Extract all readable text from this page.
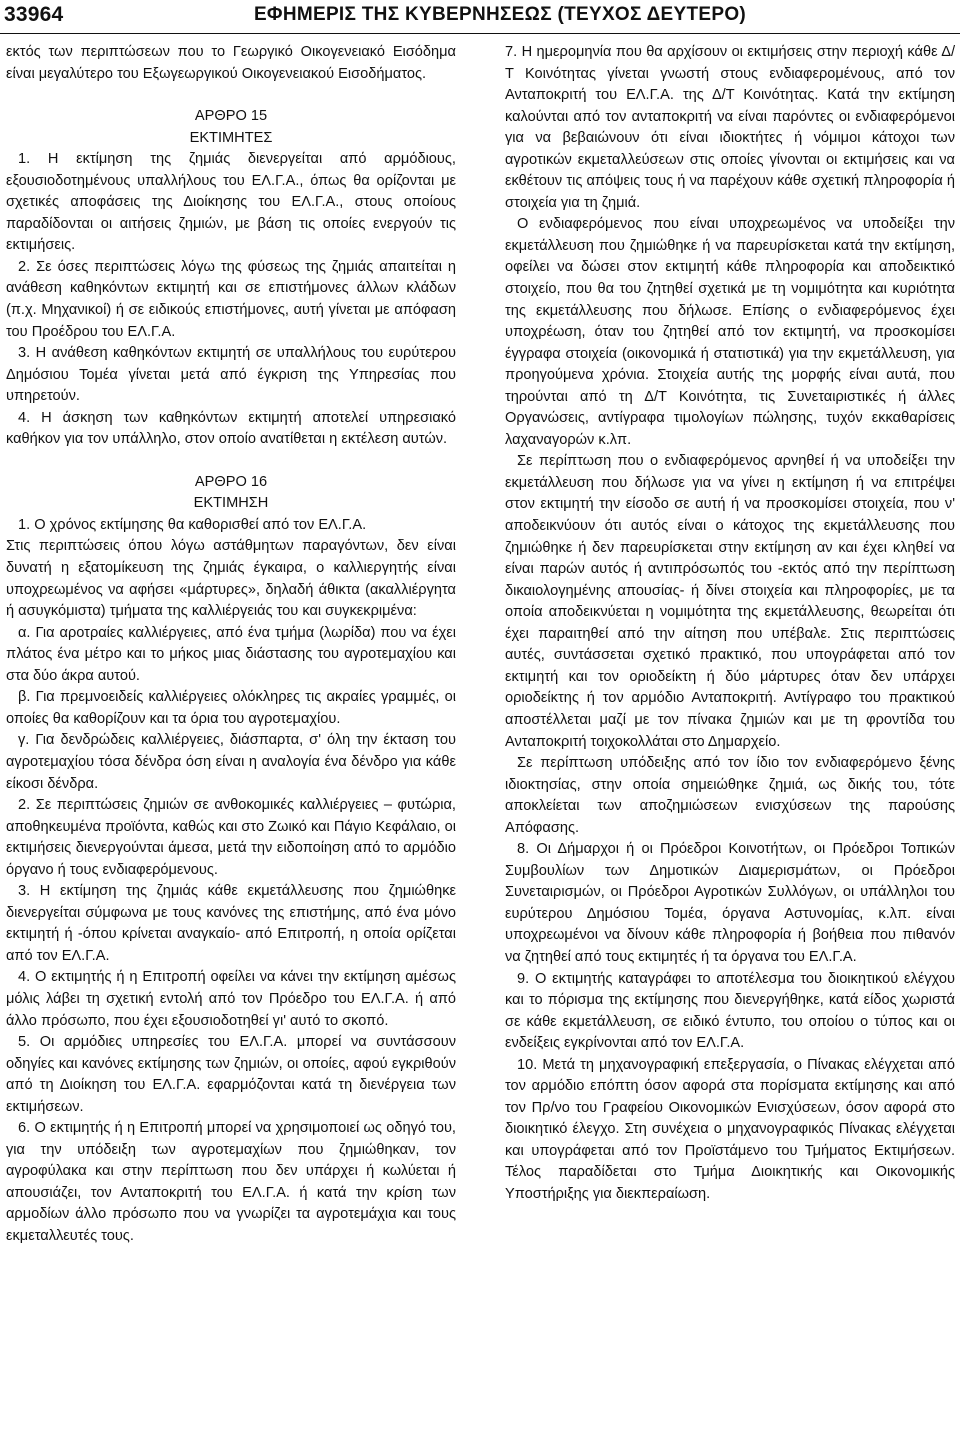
33964	ΕΦΗΜΕΡΙΣ ΤΗΣ ΚΥΒΕΡΝΗΣΕΩΣ (ΤΕΥΧΟΣ ΔΕΥΤΕΡΟ)

εκτός των περιπτώσεων που το Γεωργικό Οικογενειακό Εισόδημα είναι μεγαλύτερο του Εξωγεωργικού Οικογενειακού Εισοδήματος.

ΑΡΘΡΟ 15

ΕΚΤΙΜΗΤΕΣ

1. Η εκτίμηση της ζημιάς διενεργείται από αρμόδιους, εξουσιοδοτημένους υπαλλήλους του ΕΛ.Γ.Α., όπως θα ορίζονται με σχετικές αποφάσεις της Διοίκησης του ΕΛ.Γ.Α., στους οποίους παραδίδονται οι αιτήσεις ζημιών, με βάση τις οποίες ενεργούν τις εκτιμήσεις.

2. Σε όσες περιπτώσεις λόγω της φύσεως της ζημιάς απαιτείται η ανάθεση καθηκόντων εκτιμητή και σε επιστήμονες άλλων κλάδων (π.χ. Μηχανικοί) ή σε ειδικούς επιστήμονες, αυτή γίνεται με απόφαση του Προέδρου του ΕΛ.Γ.Α.

3. Η ανάθεση καθηκόντων εκτιμητή σε υπαλλήλους του ευρύτερου Δημόσιου Τομέα γίνεται μετά από έγκριση της Υπηρεσίας που υπηρετούν.

4. Η άσκηση των καθηκόντων εκτιμητή αποτελεί υπηρεσιακό καθήκον για τον υπάλληλο, στον οποίο ανατίθεται η εκτέλεση αυτών.

ΑΡΘΡΟ 16

ΕΚΤΙΜΗΣΗ

1. Ο χρόνος εκτίμησης θα καθορισθεί από τον ΕΛ.Γ.Α.

Στις περιπτώσεις όπου λόγω αστάθμητων παραγόντων, δεν είναι δυνατή η εξατομίκευση της ζημιάς έγκαιρα, ο καλλιεργητής είναι υποχρεωμένος να αφήσει «μάρτυρες», δηλαδή άθικτα (ακαλλιέργητα ή ασυγκόμιστα) τμήματα της καλλιέργειάς του και συγκεκριμένα:

α. Για αροτραίες καλλιέργειες, από ένα τμήμα (λωρίδα) που να έχει πλάτος ένα μέτρο και το μήκος μιας διάστασης του αγροτεμαχίου και στα δύο άκρα αυτού.

β. Για πρεμνοειδείς καλλιέργειες ολόκληρες τις ακραίες γραμμές, οι οποίες θα καθορίζουν και τα όρια του αγροτεμαχίου.

γ. Για δενδρώδεις καλλιέργειες, διάσπαρτα, σ' όλη την έκταση του αγροτεμαχίου τόσα δένδρα όση είναι η αναλογία ένα δένδρο για κάθε είκοσι δένδρα.

2. Σε περιπτώσεις ζημιών σε ανθοκομικές καλλιέργειες – φυτώρια, αποθηκευμένα προϊόντα, καθώς και στο Ζωικό και Πάγιο Κεφάλαιο, οι εκτιμήσεις διενεργούνται άμεσα, μετά την ειδοποίηση από το αρμόδιο όργανο ή τους ενδιαφερόμενους.

3. Η εκτίμηση της ζημιάς κάθε εκμετάλλευσης που ζημιώθηκε διενεργείται σύμφωνα με τους κανόνες της επιστήμης, από ένα μόνο εκτιμητή ή -όπου κρίνεται αναγκαίο- από Επιτροπή, η οποία ορίζεται από τον ΕΛ.Γ.Α.

4. Ο εκτιμητής ή η Επιτροπή οφείλει να κάνει την εκτίμηση αμέσως μόλις λάβει τη σχετική εντολή από τον Πρόεδρο του ΕΛ.Γ.Α. ή από άλλο πρόσωπο, που έχει εξουσιοδοτηθεί γι' αυτό το σκοπό.

5. Οι αρμόδιες υπηρεσίες του ΕΛ.Γ.Α. μπορεί να συντάσσουν οδηγίες και κανόνες εκτίμησης των ζημιών, οι οποίες, αφού εγκριθούν από τη Διοίκηση του ΕΛ.Γ.Α. εφαρμόζονται κατά τη διενέργεια των εκτιμήσεων.

6. Ο εκτιμητής ή η Επιτροπή μπορεί να χρησιμοποιεί ως οδηγό του, για την υπόδειξη των αγροτεμαχίων που ζημιώθηκαν, τον αγροφύλακα και στην περίπτωση που δεν υπάρχει ή κωλύεται ή απουσιάζει, τον Ανταποκριτή του ΕΛ.Γ.Α. ή κατά την κρίση των αρμοδίων άλλο πρόσωπο που να γνωρίζει τα αγροτεμάχια και τους εκμεταλλευτές τους.

7. Η ημερομηνία που θα αρχίσουν οι εκτιμήσεις στην περιοχή κάθε Δ/Τ Κοινότητας γίνεται γνωστή στους ενδιαφερομένους, από τον Ανταποκριτή του ΕΛ.Γ.Α. της Δ/Τ Κοινότητας. Κατά την εκτίμηση καλούνται από τον ανταποκριτή να είναι παρόντες οι ενδιαφερόμενοι για να βεβαιώνουν ότι είναι ιδιοκτήτες ή νόμιμοι κάτοχοι των αγροτικών εκμεταλλεύσεων στις οποίες γίνονται οι εκτιμήσεις και να εκθέτουν τις απόψεις τους ή να παρέχουν κάθε σχετική πληροφορία ή στοιχεία για τη ζημιά.

Ο ενδιαφερόμενος που είναι υποχρεωμένος να υποδείξει την εκμετάλλευση που ζημιώθηκε ή να παρευρίσκεται κατά την εκτίμηση, οφείλει να δώσει στον εκτιμητή κάθε πληροφορία και αποδεικτικό στοιχείο, που θα του ζητηθεί σχετικά με τη νομιμότητα και κυριότητα της εκμετάλλευσης που δήλωσε. Επίσης ο ενδιαφερόμενος έχει υποχρέωση, όταν του ζητηθεί από τον εκτιμητή, να προσκομίσει έγγραφα στοιχεία (οικονομικά ή στατιστικά) για την εκμετάλλευση, για προηγούμενα χρόνια. Στοιχεία αυτής της μορφής είναι αυτά, που τηρούνται από τη Δ/Τ Κοινότητα, τις Συνεταιριστικές ή άλλες Οργανώσεις, αντίγραφα τιμολογίων πώλησης, τυχόν εκκαθαρίσεις λαχαναγορών κ.λπ.

Σε περίπτωση που ο ενδιαφερόμενος αρνηθεί ή να υποδείξει την εκμετάλλευση που δήλωσε για να γίνει η εκτίμηση ή να επιτρέψει στον εκτιμητή την είσοδο σε αυτή ή να προσκομίσει στοιχεία, που ν' αποδεικνύουν ότι αυτός είναι ο κάτοχος της εκμετάλλευσης που ζημιώθηκε ή δεν παρευρίσκεται στην εκτίμηση αν και έχει κληθεί να είναι παρών αυτός ή αντιπρόσωπός του -εκτός από την περίπτωση δικαιολογημένης απουσίας- ή δίνει στοιχεία και πληροφορίες, με τα οποία αποδεικνύεται η νομιμότητα της εκμετάλλευσης, θεωρείται ότι έχει παραιτηθεί από την αίτηση που υπέβαλε. Στις περιπτώσεις αυτές, συντάσσεται σχετικό πρακτικό, που υπογράφεται από τον εκτιμητή και τον οριοδείκτη ή δύο μάρτυρες όταν δεν υπάρχει οριοδείκτης ή τον αρμόδιο Ανταποκριτή. Αντίγραφο του πρακτικού αποστέλλεται μαζί με τον πίνακα ζημιών και με τη φροντίδα του Ανταποκριτή τοιχοκολλάται στο Δημαρχείο.

Σε περίπτωση υπόδειξης από τον ίδιο τον ενδιαφερόμενο ξένης ιδιοκτησίας, στην οποία σημειώθηκε ζημιά, ως δικής του, τότε αποκλείεται των αποζημιώσεων ενισχύσεων της παρούσης Απόφασης.

8. Οι Δήμαρχοι ή οι Πρόεδροι Κοινοτήτων, οι Πρόεδροι Τοπικών Συμβουλίων των Δημοτικών Διαμερισμάτων, οι Πρόεδροι Συνεταιρισμών, οι Πρόεδροι Αγροτικών Συλλόγων, οι υπάλληλοι του ευρύτερου Δημόσιου Τομέα, όργανα Αστυνομίας, κ.λπ. είναι υποχρεωμένοι να δίνουν κάθε πληροφορία ή βοήθεια που πιθανόν να ζητηθεί από τους εκτιμητές ή τα όργανα του ΕΛ.Γ.Α.

9. Ο εκτιμητής καταγράφει το αποτέλεσμα του διοικητικού ελέγχου και το πόρισμα της εκτίμησης που διενεργήθηκε, κατά είδος χωριστά σε κάθε εκμετάλλευση, σε ειδικό έντυπο, του οποίου ο τύπος και οι ενδείξεις εγκρίνονται από τον ΕΛ.Γ.Α.

10. Μετά τη μηχανογραφική επεξεργασία, ο Πίνακας ελέγχεται από τον αρμόδιο επόπτη όσον αφορά στα πορίσματα εκτίμησης και από τον Πρ/νο του Γραφείου Οικονομικών Ενισχύσεων, όσον αφορά στο διοικητικό έλεγχο. Στη συνέχεια ο μηχανογραφικός Πίνακας ελέγχεται και υπογράφεται από τον Προϊστάμενο του Τμήματος Εκτιμήσεων. Τέλος παραδίδεται στο Τμήμα Διοικητικής και Οικονομικής Υποστήριξης για διεκπεραίωση.
